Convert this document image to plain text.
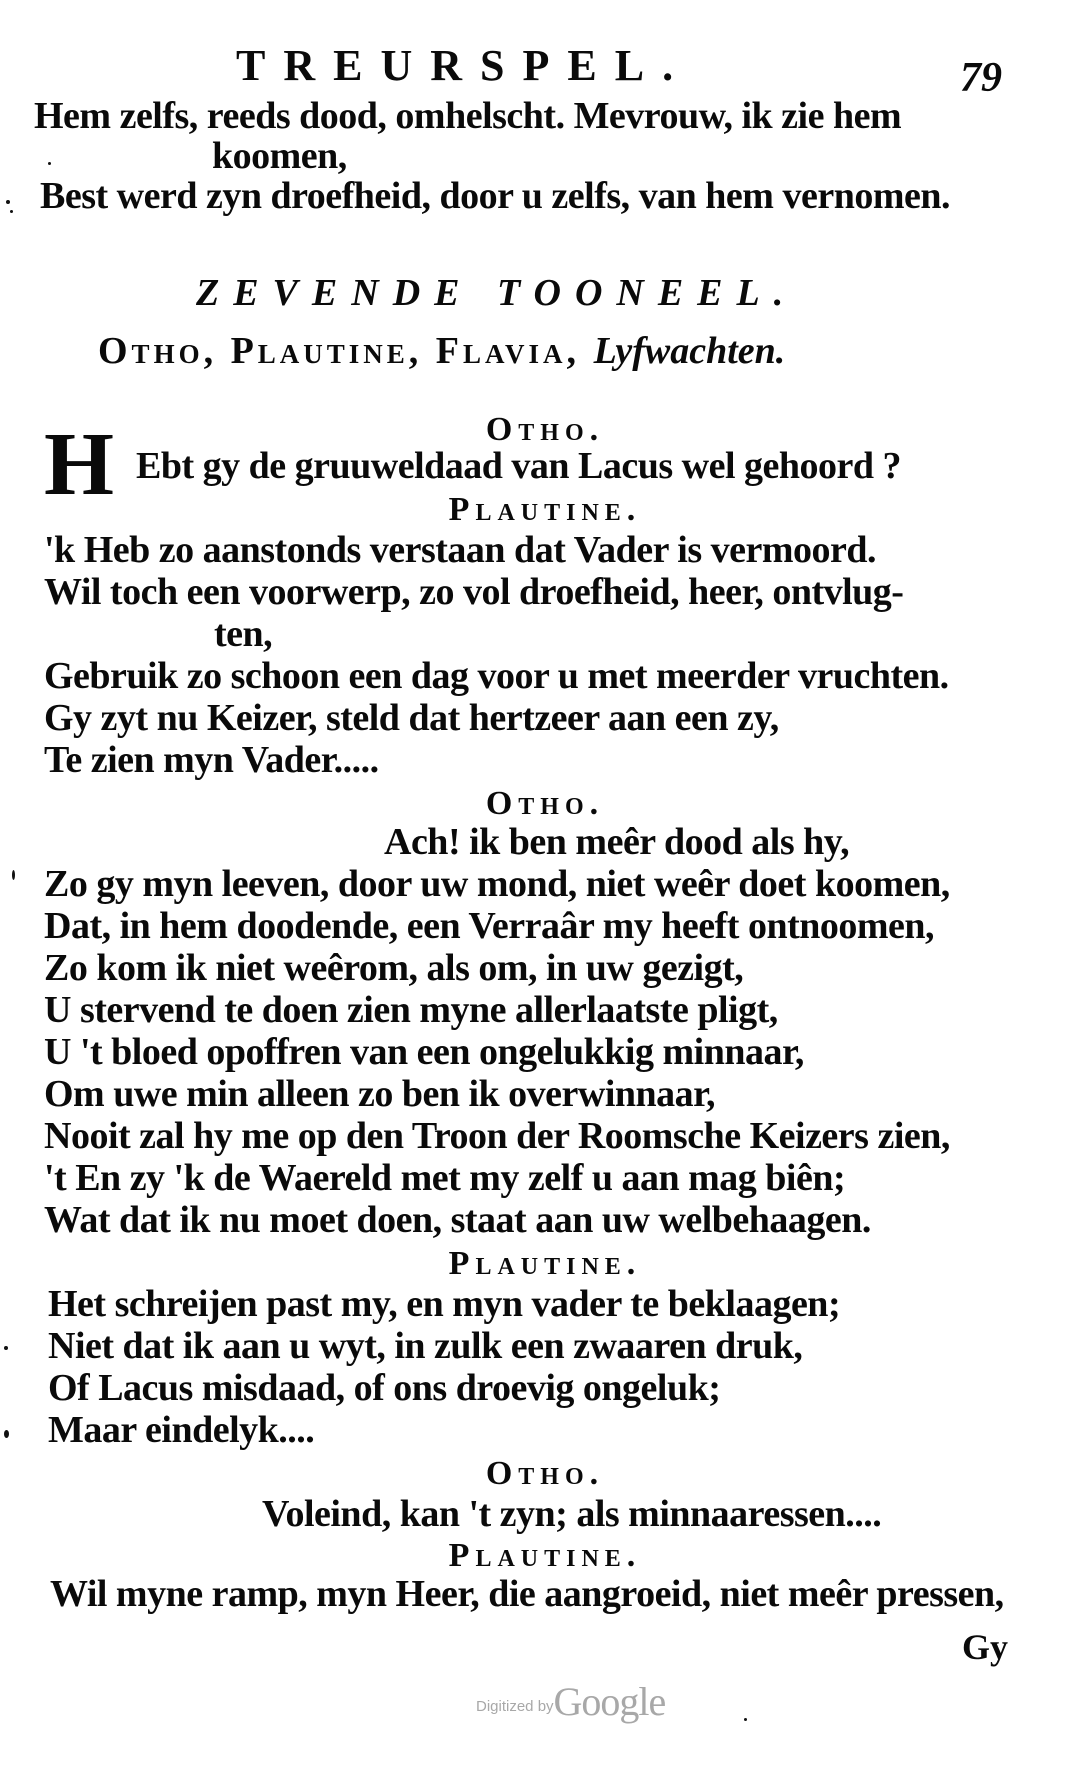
TREURSPEL.	79
Hem zelfs, reeds dood, omhelscht. Mevrouw, ik zie hem
koomen,
Best werd zyn droefheid, door u zelfs, van hem vernomen.
ZEVENDE TOONEEL.
Otho, Plautine, Flavia, Lyfwachten.
Otho.
H Ebt gy de gruuweldaad van Lacus wel gehoord ?
Plautine.
'k Heb zo aanstonds verstaan dat Vader is vermoord.
Wil toch een voorwerp, zo vol droefheid, heer, ontvlug-
ten,
Gebruik zo schoon een dag voor u met meerder vruchten.
Gy zyt nu Keizer, steld dat hertzeer aan een zy,
Te zien myn Vader.....
Otho.
Ach! ik ben meêr dood als hy,
Zo gy myn leeven, door uw mond, niet weêr doet koomen,
Dat, in hem doodende, een Verraâr my heeft ontnoomen,
Zo kom ik niet weêrom, als om, in uw gezigt,
U stervend te doen zien myne allerlaatste pligt,
U 't bloed opoffren van een ongelukkig minnaar,
Om uwe min alleen zo ben ik overwinnaar,
Nooit zal hy me op den Troon der Roomsche Keizers zien,
't En zy 'k de Waereld met my zelf u aan mag biên;
Wat dat ik nu moet doen, staat aan uw welbehaagen.
Plautine.
Het schreijen past my, en myn vader te beklaagen;
Niet dat ik aan u wyt, in zulk een zwaaren druk,
Of Lacus misdaad, of ons droevig ongeluk;
Maar eindelyk....
Otho.
Voleind, kan 't zyn; als minnaaressen....
Plautine.
Wil myne ramp, myn Heer, die aangroeid, niet meêr pressen,
Gy
Digitized byGoogle
